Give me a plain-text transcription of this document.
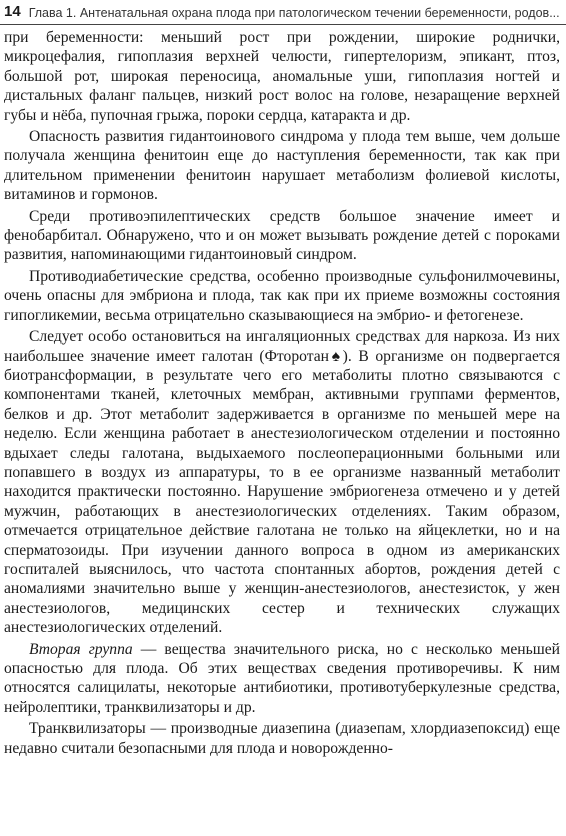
14 Глава 1. Антенатальная охрана плода при патологическом течении беременности, родов...

при беременности: меньший рост при рождении, широкие роднички, микроцефалия, гипоплазия верхней челюсти, гипертелоризм, эпикант, птоз, большой рот, широкая переносица, аномальные уши, гипоплазия ногтей и дистальных фаланг пальцев, низкий рост волос на голове, незаращение верхней губы и нёба, пупочная грыжа, пороки сердца, катаракта и др.

Опасность развития гидантоинового синдрома у плода тем выше, чем дольше получала женщина фенитоин еще до наступления беременности, так как при длительном применении фенитоин нарушает метаболизм фолиевой кислоты, витаминов и гормонов.

Среди противоэпилептических средств большое значение имеет и фенобарбитал. Обнаружено, что и он может вызывать рождение детей с пороками развития, напоминающими гидантоиновый синдром.

Противодиабетические средства, особенно производные сульфонилмочевины, очень опасны для эмбриона и плода, так как при их приеме возможны состояния гипогликемии, весьма отрицательно сказывающиеся на эмбрио- и фетогенезе.

Следует особо остановиться на ингаляционных средствах для наркоза. Из них наибольшее значение имеет галотан (Фторотан♠). В организме он подвергается биотрансформации, в результате чего его метаболиты плотно связываются с компонентами тканей, клеточных мембран, активными группами ферментов, белков и др. Этот метаболит задерживается в организме по меньшей мере на неделю. Если женщина работает в анестезиологическом отделении и постоянно вдыхает следы галотана, выдыхаемого послеоперационными больными или попавшего в воздух из аппаратуры, то в ее организме названный метаболит находится практически постоянно. Нарушение эмбриогенеза отмечено и у детей мужчин, работающих в анестезиологических отделениях. Таким образом, отмечается отрицательное действие галотана не только на яйцеклетки, но и на сперматозоиды. При изучении данного вопроса в одном из американских госпиталей выяснилось, что частота спонтанных абортов, рождения детей с аномалиями значительно выше у женщин-анестезиологов, анестезисток, у жен анестезиологов, медицинских сестер и технических служащих анестезиологических отделений.

Вторая группа — вещества значительного риска, но с несколько меньшей опасностью для плода. Об этих веществах сведения противоречивы. К ним относятся салицилаты, некоторые антибиотики, противотуберкулезные средства, нейролептики, транквилизаторы и др.

Транквилизаторы — производные диазепина (диазепам, хлордиазепоксид) еще недавно считали безопасными для плода и новорожденно-
